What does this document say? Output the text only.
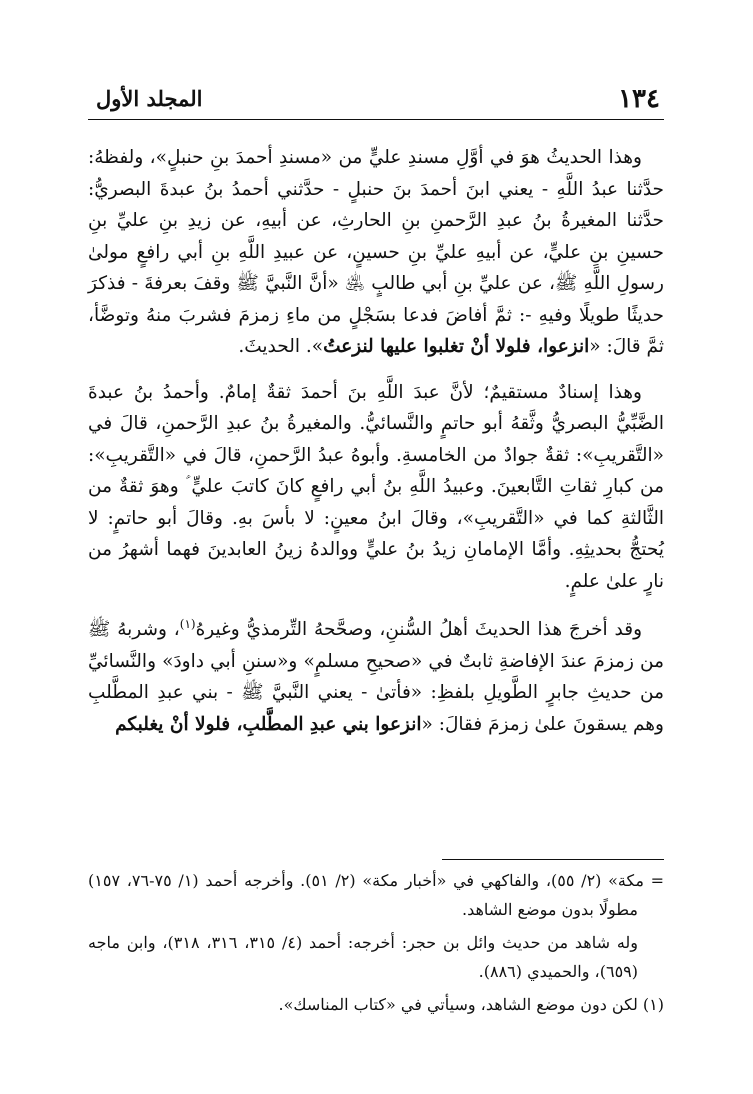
١٣٤
المجلد الأول

وهذا الحديثُ هوَ في أوَّلِ مسندِ عليٍّ من «مسندِ أحمدَ بنِ حنبلٍ»، ولفظهُ: حدَّثنا عبدُ اللَّهِ - يعني ابنَ أحمدَ بنَ حنبلٍ - حدَّثني أحمدُ بنُ عبدةَ البصريُّ: حدَّثنا المغيرةُ بنُ عبدِ الرَّحمنِ بنِ الحارثِ، عن أبيهِ، عن زيدِ بنِ عليِّ بنِ حسينِ بنِ عليٍّ، عن أبيهِ عليِّ بنِ حسينٍ، عن عبيدِ اللَّهِ بنِ أبي رافعٍ مولىٰ رسولِ اللَّهِ ﷺ، عن عليِّ بنِ أبي طالبٍ ﵁ «أنَّ النَّبيَّ ﷺ وقفَ بعرفةَ - فذكرَ حديثًا طويلًا وفيهِ -: ثمَّ أفاضَ فدعا بسَجْلٍ من ماءِ زمزمَ فشربَ منهُ وتوضَّأ، ثمَّ قالَ: «انزعوا، فلولا أنْ تغلبوا عليها لنزعتُ». الحديثَ.

وهذا إسنادٌ مستقيمٌ؛ لأنَّ عبدَ اللَّهِ بنَ أحمدَ ثقةٌ إمامٌ. وأحمدُ بنُ عبدةَ الضَّبِّيُّ البصريُّ وثَّقهُ أبو حاتمٍ والنَّسائيُّ. والمغيرةُ بنُ عبدِ الرَّحمنِ، قالَ في «التَّقريبِ»: ثقةٌ جوادٌ من الخامسةِ. وأبوهُ عبدُ الرَّحمنِ، قالَ في «التَّقريبِ»: من كبارِ ثقاتِ التَّابعينَ. وعبيدُ اللَّهِ بنُ أبي رافعٍ كانَ كاتبَ عليٍّ ؑ وهوَ ثقةٌ من الثَّالثةِ كما في «التَّقريبِ»، وقالَ ابنُ معينٍ: لا بأسَ بهِ. وقالَ أبو حاتمٍ: لا يُحتجُّ بحديثِهِ. وأمَّا الإمامانِ زيدُ بنُ عليٍّ ووالدهُ زينُ العابدينَ فهما أشهرُ من نارٍ علىٰ علمٍ.

وقد أخرجَ هذا الحديثَ أهلُ السُّننِ، وصحَّحهُ التِّرمذيُّ وغيرهُ$^{(١)}$، وشربهُ ﷺ من زمزمَ عندَ الإفاضةِ ثابتٌ في «صحيحِ مسلمٍ» و«سننِ أبي داودَ» والنَّسائيِّ من حديثِ جابرٍ الطَّويلِ بلفظِ: «فأتىٰ - يعني النَّبيَّ ﷺ - بني عبدِ المطَّلبِ وهم يسقونَ علىٰ زمزمَ فقالَ: «انزعوا بني عبدِ المطَّلبِ، فلولا أنْ يغلبكم

= مكة» (٢/ ٥٥)، والفاكهي في «أخبار مكة» (٢/ ٥١). وأخرجه أحمد (١/ ٧٥-٧٦، ١٥٧) مطولًا بدون موضع الشاهد.

وله شاهد من حديث وائل بن حجر: أخرجه: أحمد (٤/ ٣١٥، ٣١٦، ٣١٨)، وابن ماجه (٦٥٩)، والحميدي (٨٨٦).

(١) لكن دون موضع الشاهد، وسيأتي في «كتاب المناسك».
